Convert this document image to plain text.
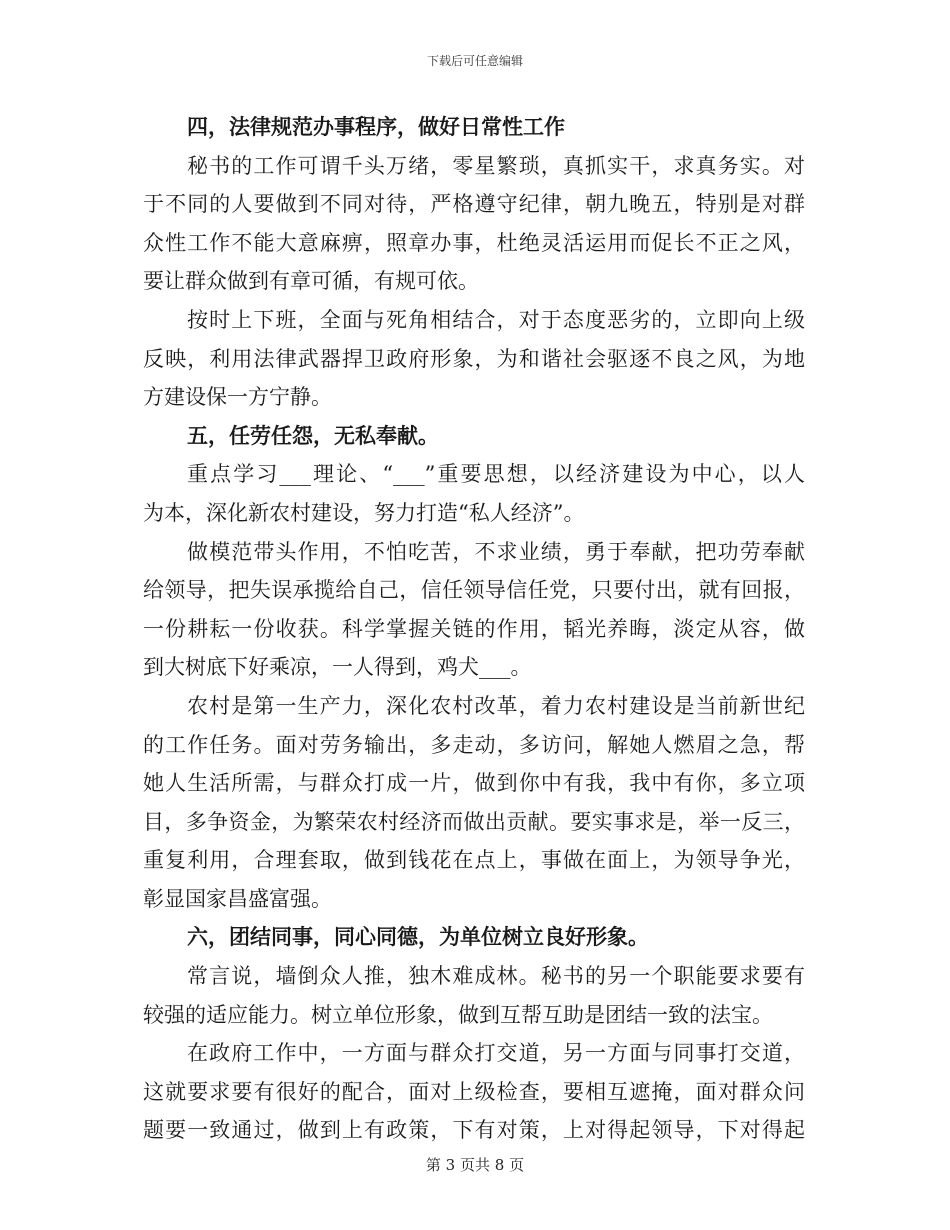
下载后可任意编辑
四，法律规范办事程序，做好日常性工作
秘书的工作可谓千头万绪，零星繁琐，真抓实干，求真务实。对
于不同的人要做到不同对待，严格遵守纪律，朝九晚五，特别是对群
众性工作不能大意麻痹，照章办事，杜绝灵活运用而促长不正之风，
要让群众做到有章可循，有规可依。
按时上下班，全面与死角相结合，对于态度恶劣的，立即向上级
反映，利用法律武器捍卫政府形象，为和谐社会驱逐不良之风，为地
方建设保一方宁静。
五，任劳任怨，无私奉献。
重点学习___理论、“___”重要思想，以经济建设为中心，以人
为本，深化新农村建设，努力打造“私人经济”。
做模范带头作用，不怕吃苦，不求业绩，勇于奉献，把功劳奉献
给领导，把失误承揽给自己，信任领导信任党，只要付出，就有回报，
一份耕耘一份收获。科学掌握关链的作用，韬光养晦，淡定从容，做
到大树底下好乘凉，一人得到，鸡犬___。
农村是第一生产力，深化农村改革，着力农村建设是当前新世纪
的工作任务。面对劳务输出，多走动，多访问，解她人燃眉之急，帮
她人生活所需，与群众打成一片，做到你中有我，我中有你，多立项
目，多争资金，为繁荣农村经济而做出贡献。要实事求是，举一反三，
重复利用，合理套取，做到钱花在点上，事做在面上，为领导争光，
彰显国家昌盛富强。
六，团结同事，同心同德，为单位树立良好形象。
常言说，墙倒众人推，独木难成林。秘书的另一个职能要求要有
较强的适应能力。树立单位形象，做到互帮互助是团结一致的法宝。
在政府工作中，一方面与群众打交道，另一方面与同事打交道，
这就要求要有很好的配合，面对上级检查，要相互遮掩，面对群众问
题要一致通过，做到上有政策，下有对策，上对得起领导，下对得起
第 3 页共 8 页
